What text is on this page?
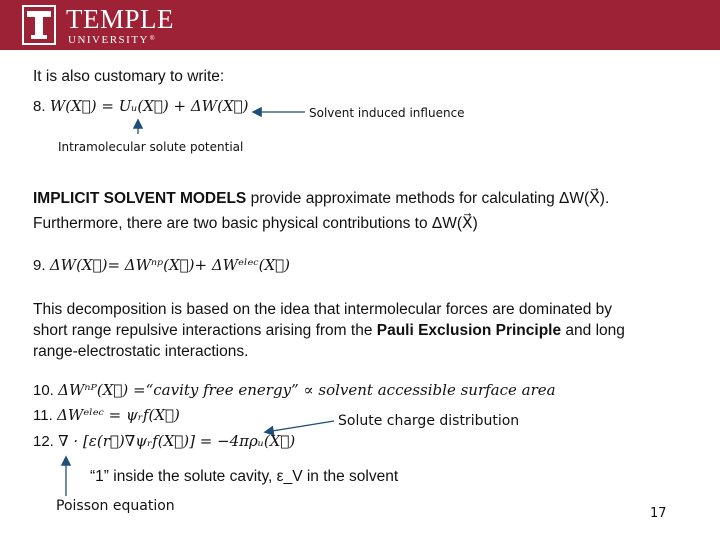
TEMPLE
UNIVERSITY ®
It is also customary to write:
8. W(X⃗) = Uᵤ(X⃗) + ΔW(X⃗)	Solvent induced influence
Intramolecular solute potential
IMPLICIT SOLVENT MODELS provide approximate methods for calculating ΔW(X⃗).
Furthermore, there are two basic physical contributions to ΔW(X⃗)
9. ΔW(X⃗)= ΔWⁿᵖ(X⃗)+ ΔWᵉˡᵉᶜ(X⃗)
This decomposition is based on the idea that intermolecular forces are dominated by
short range repulsive interactions arising from the Pauli Exclusion Principle and long
range-electrostatic interactions.
10. ΔWⁿᴾ(X⃗) =“cavity free energy” ∝ solvent accessible surface area
11. ΔWᵉˡᵉᶜ = ψᵣf(X⃗)	Solute charge distribution
12. ∇ · [ε(r⃗)∇ψᵣf(X⃗)] = −4πρᵤ(X⃗)
“1” inside the solute cavity, ε_V in the solvent
Poisson equation	17
